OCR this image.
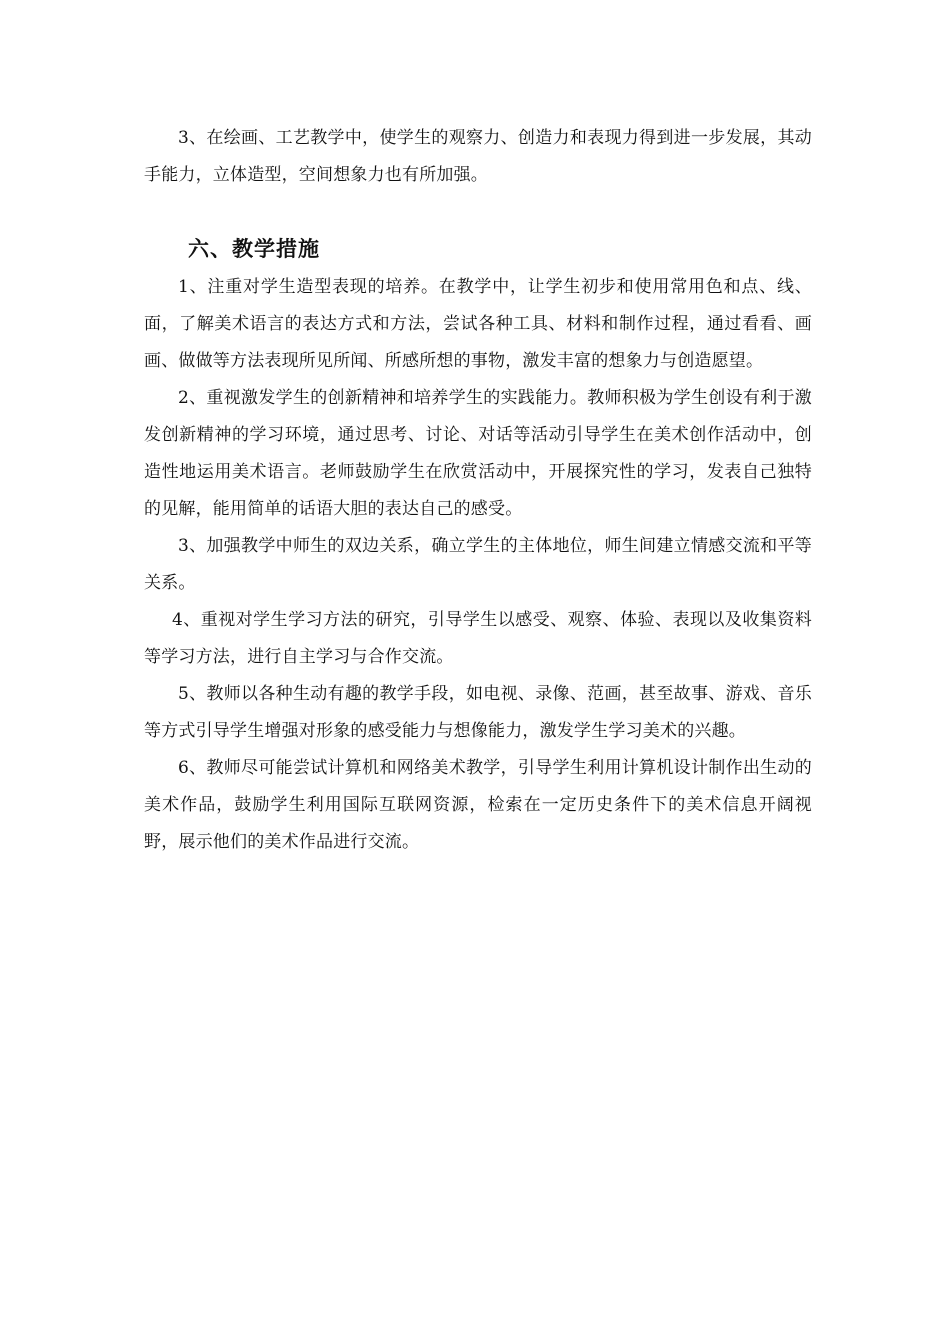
3、在绘画、工艺教学中，使学生的观察力、创造力和表现力得到进一步发展，其动手能力，立体造型，空间想象力也有所加强。

六、教学措施

1、注重对学生造型表现的培养。在教学中，让学生初步和使用常用色和点、线、面，了解美术语言的表达方式和方法，尝试各种工具、材料和制作过程，通过看看、画画、做做等方法表现所见所闻、所感所想的事物，激发丰富的想象力与创造愿望。

2、重视激发学生的创新精神和培养学生的实践能力。教师积极为学生创设有利于激发创新精神的学习环境，通过思考、讨论、对话等活动引导学生在美术创作活动中，创造性地运用美术语言。老师鼓励学生在欣赏活动中，开展探究性的学习，发表自己独特的见解，能用简单的话语大胆的表达自己的感受。

3、加强教学中师生的双边关系，确立学生的主体地位，师生间建立情感交流和平等关系。

4、重视对学生学习方法的研究，引导学生以感受、观察、体验、表现以及收集资料等学习方法，进行自主学习与合作交流。

5、教师以各种生动有趣的教学手段，如电视、录像、范画，甚至故事、游戏、音乐等方式引导学生增强对形象的感受能力与想像能力，激发学生学习美术的兴趣。

6、教师尽可能尝试计算机和网络美术教学，引导学生利用计算机设计制作出生动的美术作品，鼓励学生利用国际互联网资源，检索在一定历史条件下的美术信息开阔视野，展示他们的美术作品进行交流。
